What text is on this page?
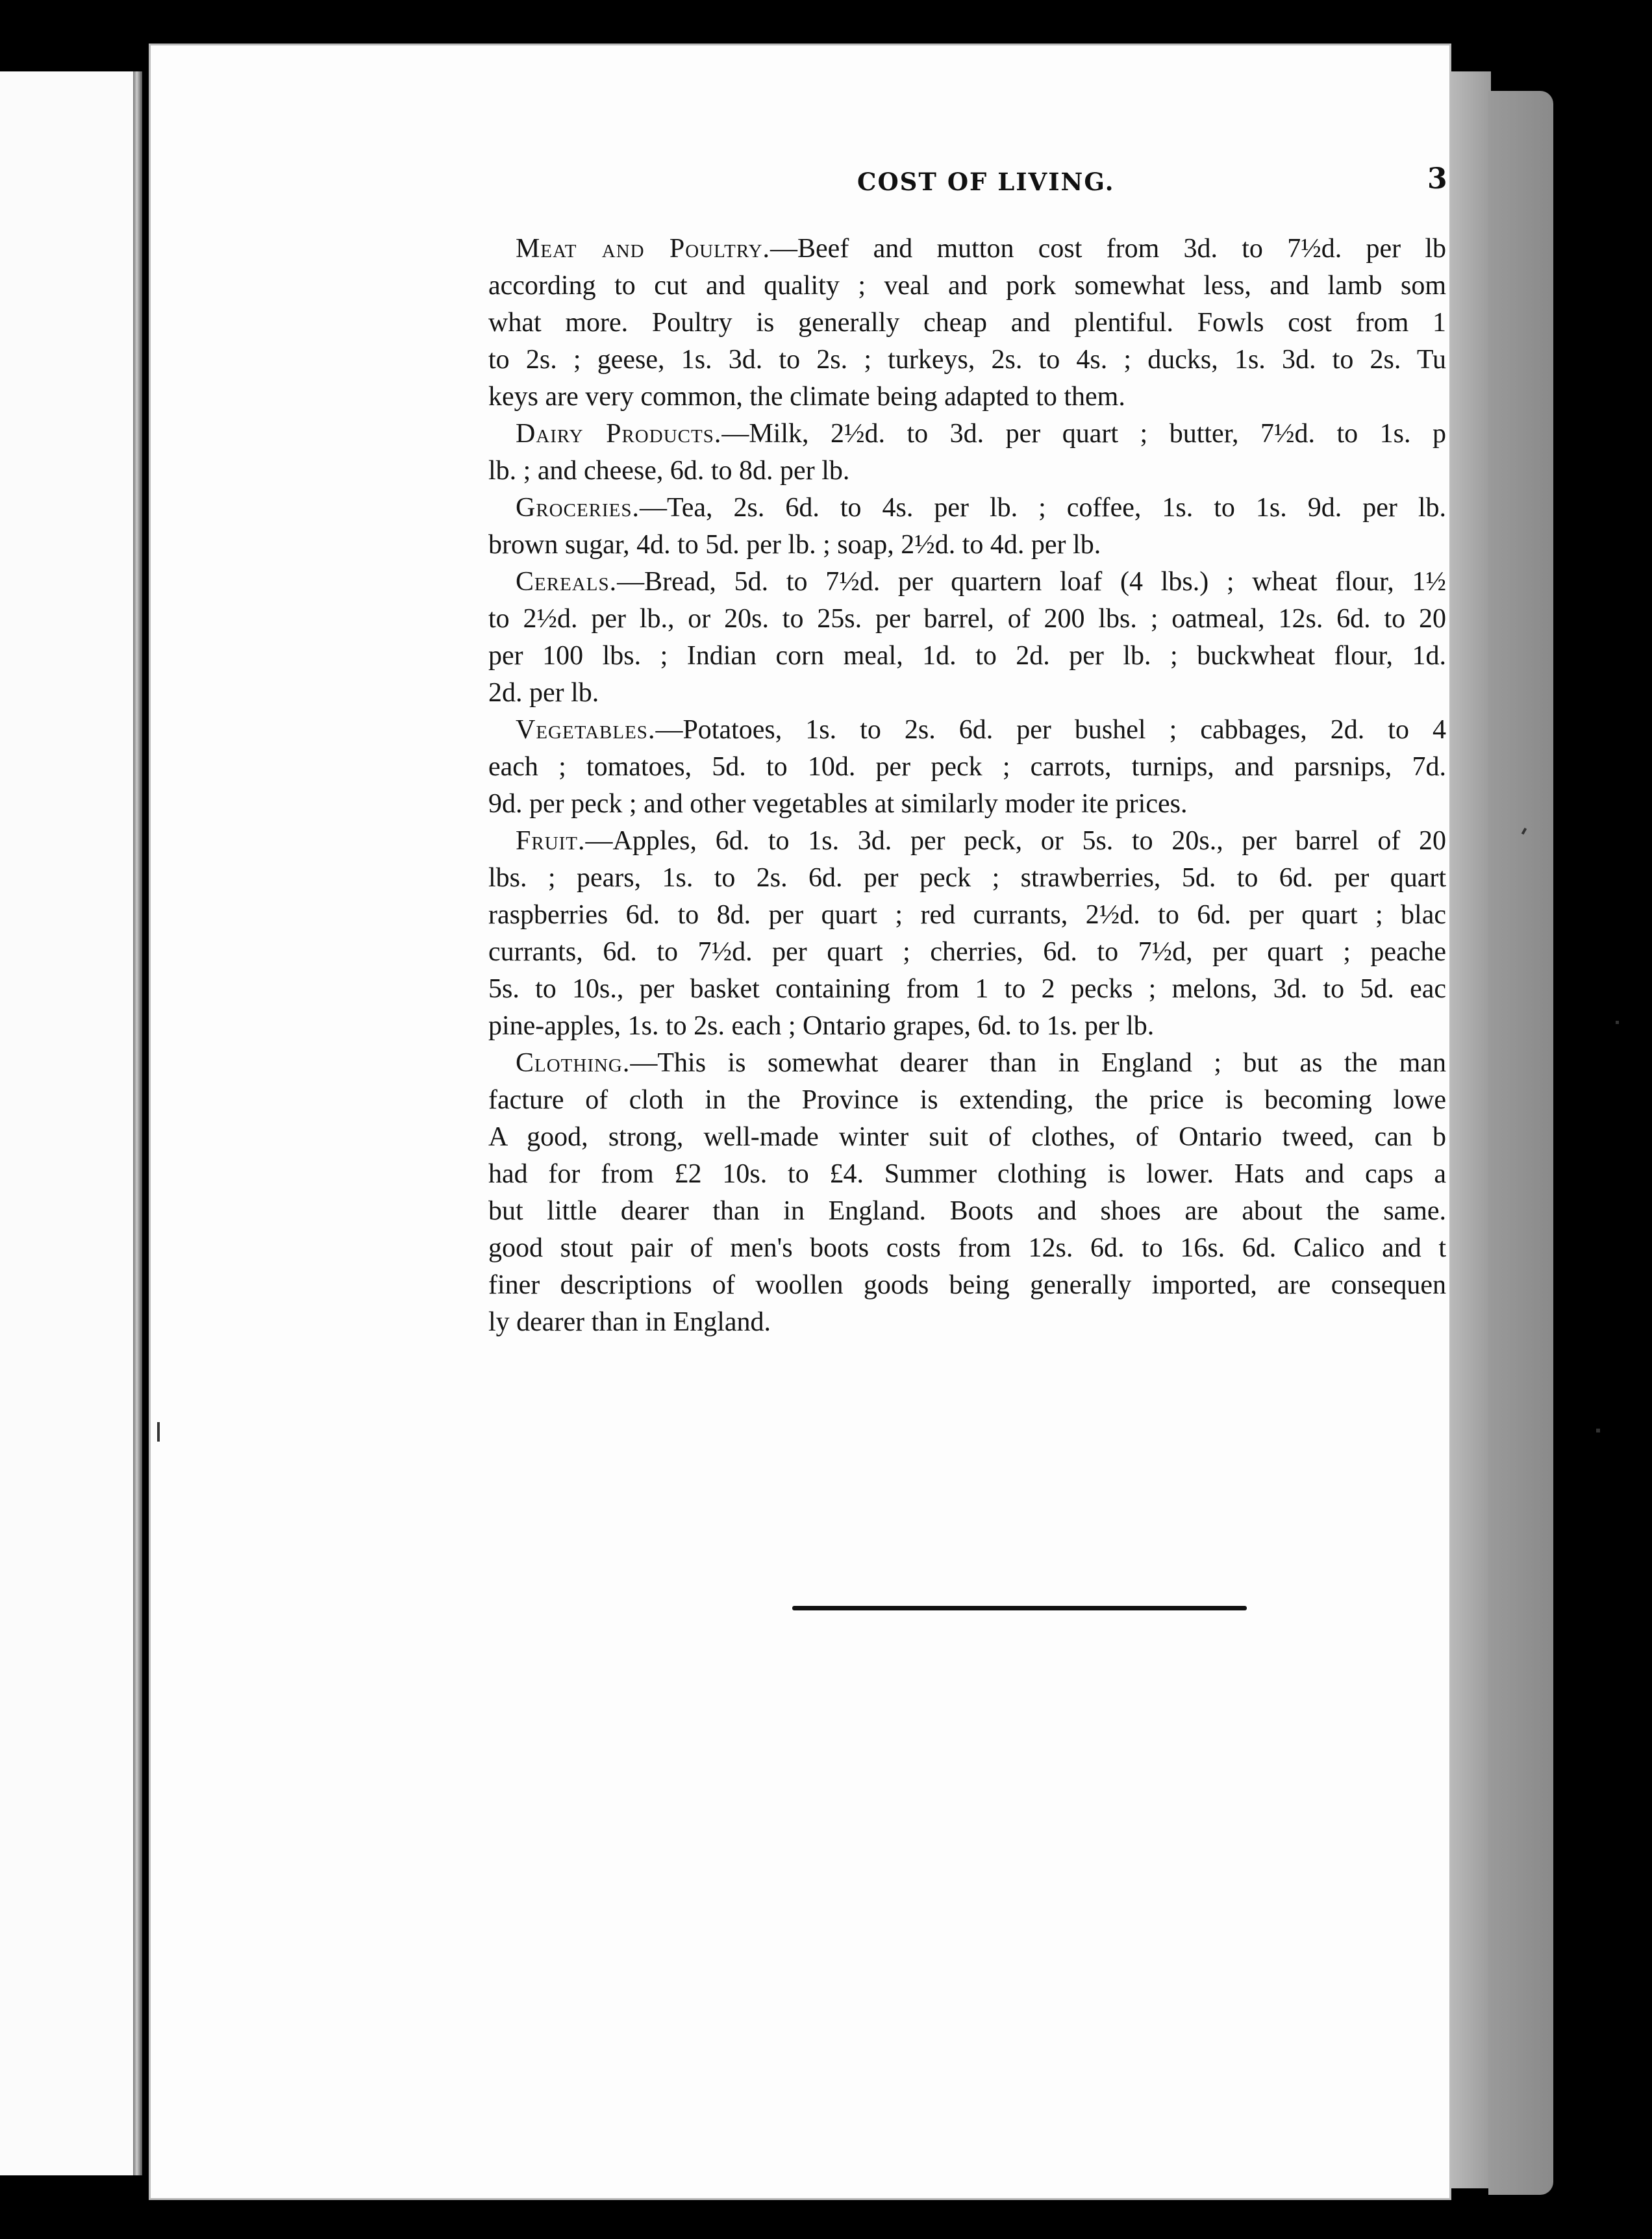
COST OF LIVING.	3
Meat and Poultry.—Beef and mutton cost from 3d. to 7½d. per lb
according to cut and quality ; veal and pork somewhat less, and lamb som
what more. Poultry is generally cheap and plentiful. Fowls cost from 1
to 2s. ; geese, 1s. 3d. to 2s. ; turkeys, 2s. to 4s. ; ducks, 1s. 3d. to 2s. Tu
keys are very common, the climate being adapted to them.
Dairy Products.—Milk, 2½d. to 3d. per quart ; butter, 7½d. to 1s. p
lb. ; and cheese, 6d. to 8d. per lb.
Groceries.—Tea, 2s. 6d. to 4s. per lb. ; coffee, 1s. to 1s. 9d. per lb.
brown sugar, 4d. to 5d. per lb. ; soap, 2½d. to 4d. per lb.
Cereals.—Bread, 5d. to 7½d. per quartern loaf (4 lbs.) ; wheat flour, 1½
to 2½d. per lb., or 20s. to 25s. per barrel, of 200 lbs. ; oatmeal, 12s. 6d. to 20
per 100 lbs. ; Indian corn meal, 1d. to 2d. per lb. ; buckwheat flour, 1d.
2d. per lb.
Vegetables.—Potatoes, 1s. to 2s. 6d. per bushel ; cabbages, 2d. to 4
each ; tomatoes, 5d. to 10d. per peck ; carrots, turnips, and parsnips, 7d.
9d. per peck ; and other vegetables at similarly moder ite prices.
Fruit.—Apples, 6d. to 1s. 3d. per peck, or 5s. to 20s., per barrel of 20
lbs. ; pears, 1s. to 2s. 6d. per peck ; strawberries, 5d. to 6d. per quart
raspberries 6d. to 8d. per quart ; red currants, 2½d. to 6d. per quart ; blac
currants, 6d. to 7½d. per quart ; cherries, 6d. to 7½d, per quart ; peache
5s. to 10s., per basket containing from 1 to 2 pecks ; melons, 3d. to 5d. eac
pine-apples, 1s. to 2s. each ; Ontario grapes, 6d. to 1s. per lb.
Clothing.—This is somewhat dearer than in England ; but as the man
facture of cloth in the Province is extending, the price is becoming lowe
A good, strong, well-made winter suit of clothes, of Ontario tweed, can b
had for from £2 10s. to £4. Summer clothing is lower. Hats and caps a
but little dearer than in England. Boots and shoes are about the same.
good stout pair of men's boots costs from 12s. 6d. to 16s. 6d. Calico and t
finer descriptions of woollen goods being generally imported, are consequen
ly dearer than in England.
